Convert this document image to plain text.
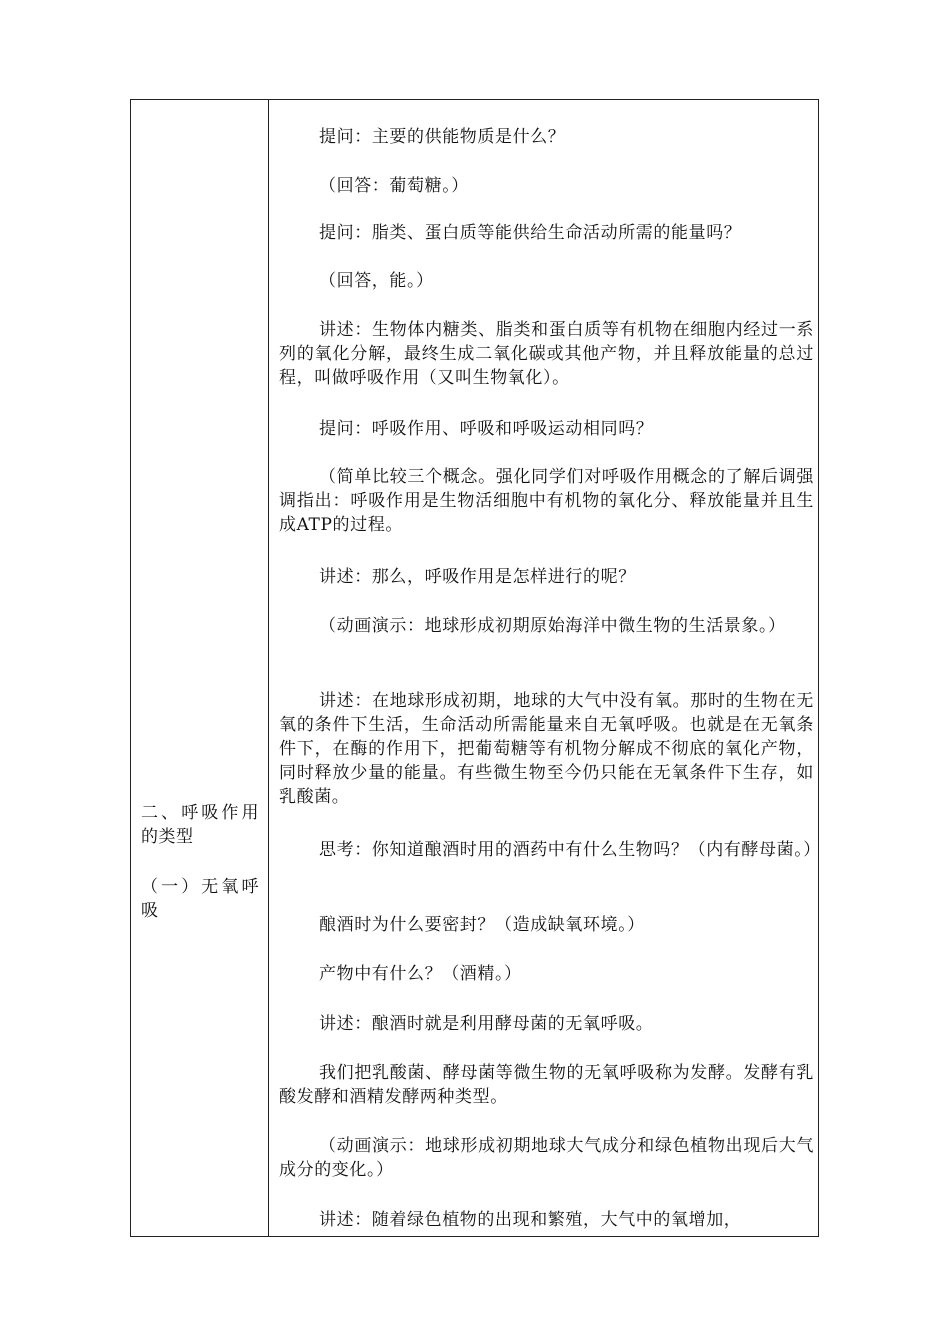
二、呼吸作用的类型
（一）无氧呼吸
提问：主要的供能物质是什么？
（回答：葡萄糖。）
提问：脂类、蛋白质等能供给生命活动所需的能量吗？
（回答，能。）
讲述：生物体内糖类、脂类和蛋白质等有机物在细胞内经过一系列的氧化分解，最终生成二氧化碳或其他产物，并且释放能量的总过程，叫做呼吸作用（又叫生物氧化）。
提问：呼吸作用、呼吸和呼吸运动相同吗？
（简单比较三个概念。强化同学们对呼吸作用概念的了解后调强调指出：呼吸作用是生物活细胞中有机物的氧化分、释放能量并且生成ATP的过程。
讲述：那么，呼吸作用是怎样进行的呢？
（动画演示：地球形成初期原始海洋中微生物的生活景象。）
讲述：在地球形成初期，地球的大气中没有氧。那时的生物在无氧的条件下生活，生命活动所需能量来自无氧呼吸。也就是在无氧条件下，在酶的作用下，把葡萄糖等有机物分解成不彻底的氧化产物，同时释放少量的能量。有些微生物至今仍只能在无氧条件下生存，如乳酸菌。
思考：你知道酿酒时用的酒药中有什么生物吗？（内有酵母菌。）
酿酒时为什么要密封？（造成缺氧环境。）
产物中有什么？（酒精。）
讲述：酿酒时就是利用酵母菌的无氧呼吸。
我们把乳酸菌、酵母菌等微生物的无氧呼吸称为发酵。发酵有乳酸发酵和酒精发酵两种类型。
（动画演示：地球形成初期地球大气成分和绿色植物出现后大气成分的变化。）
讲述：随着绿色植物的出现和繁殖，大气中的氧增加，
